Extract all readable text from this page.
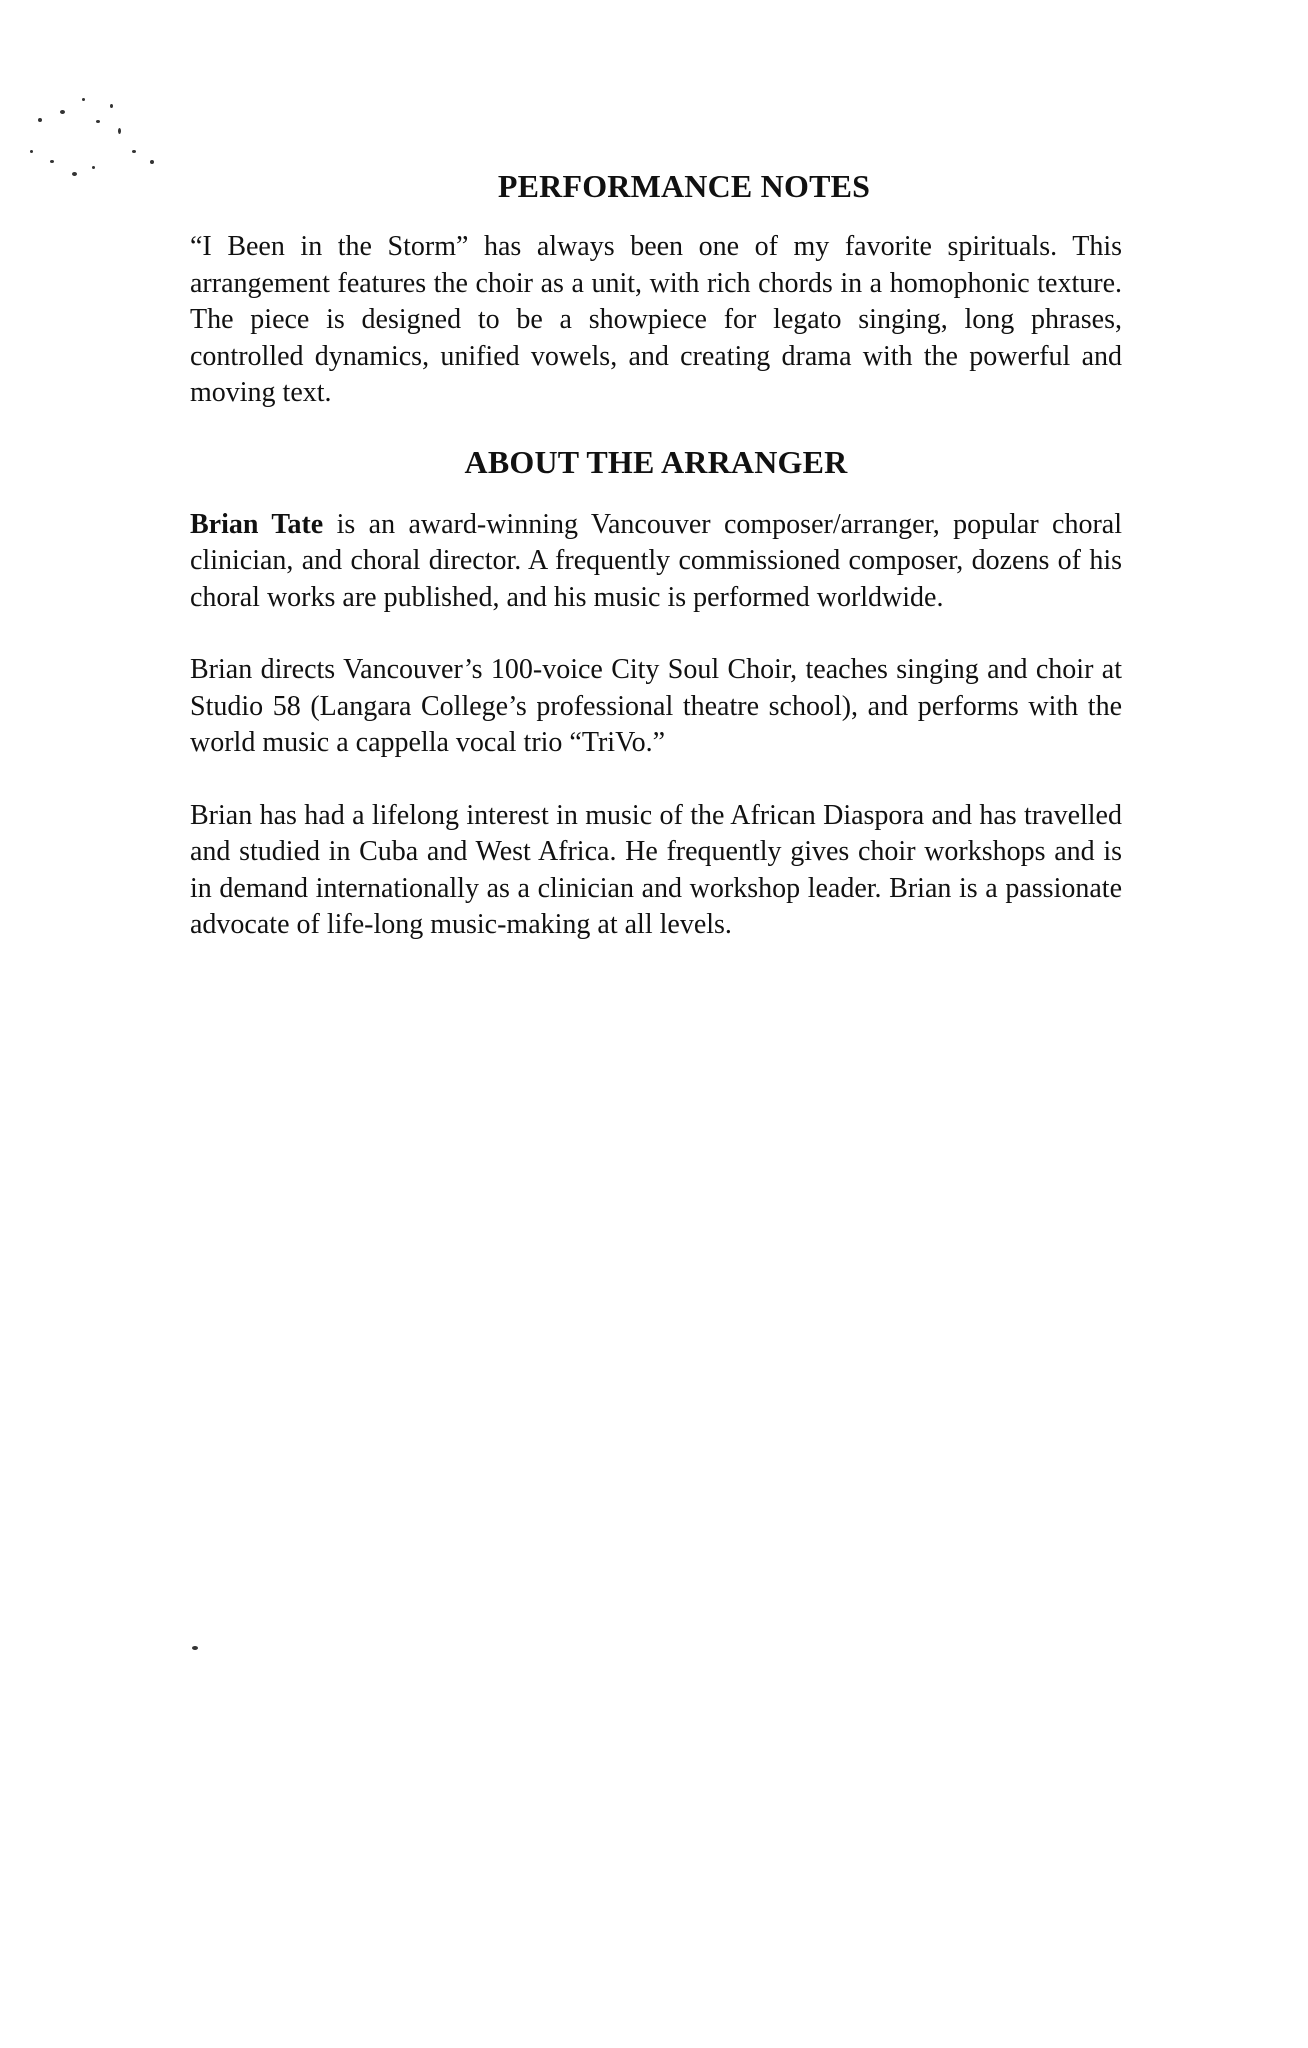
PERFORMANCE NOTES

“I Been in the Storm” has always been one of my favorite spirituals. This arrangement features the choir as a unit, with rich chords in a homophonic texture. The piece is designed to be a showpiece for legato singing, long phrases, controlled dynamics, unified vowels, and creating drama with the powerful and moving text.

ABOUT THE ARRANGER

Brian Tate is an award-winning Vancouver composer/arranger, popular choral clinician, and choral director. A frequently commissioned composer, dozens of his choral works are published, and his music is performed worldwide.

Brian directs Vancouver’s 100-voice City Soul Choir, teaches singing and choir at Studio 58 (Langara College’s professional theatre school), and performs with the world music a cappella vocal trio “TriVo.”

Brian has had a lifelong interest in music of the African Diaspora and has travelled and studied in Cuba and West Africa. He frequently gives choir workshops and is in demand internationally as a clinician and workshop leader. Brian is a passionate advocate of life-long music-making at all levels.
